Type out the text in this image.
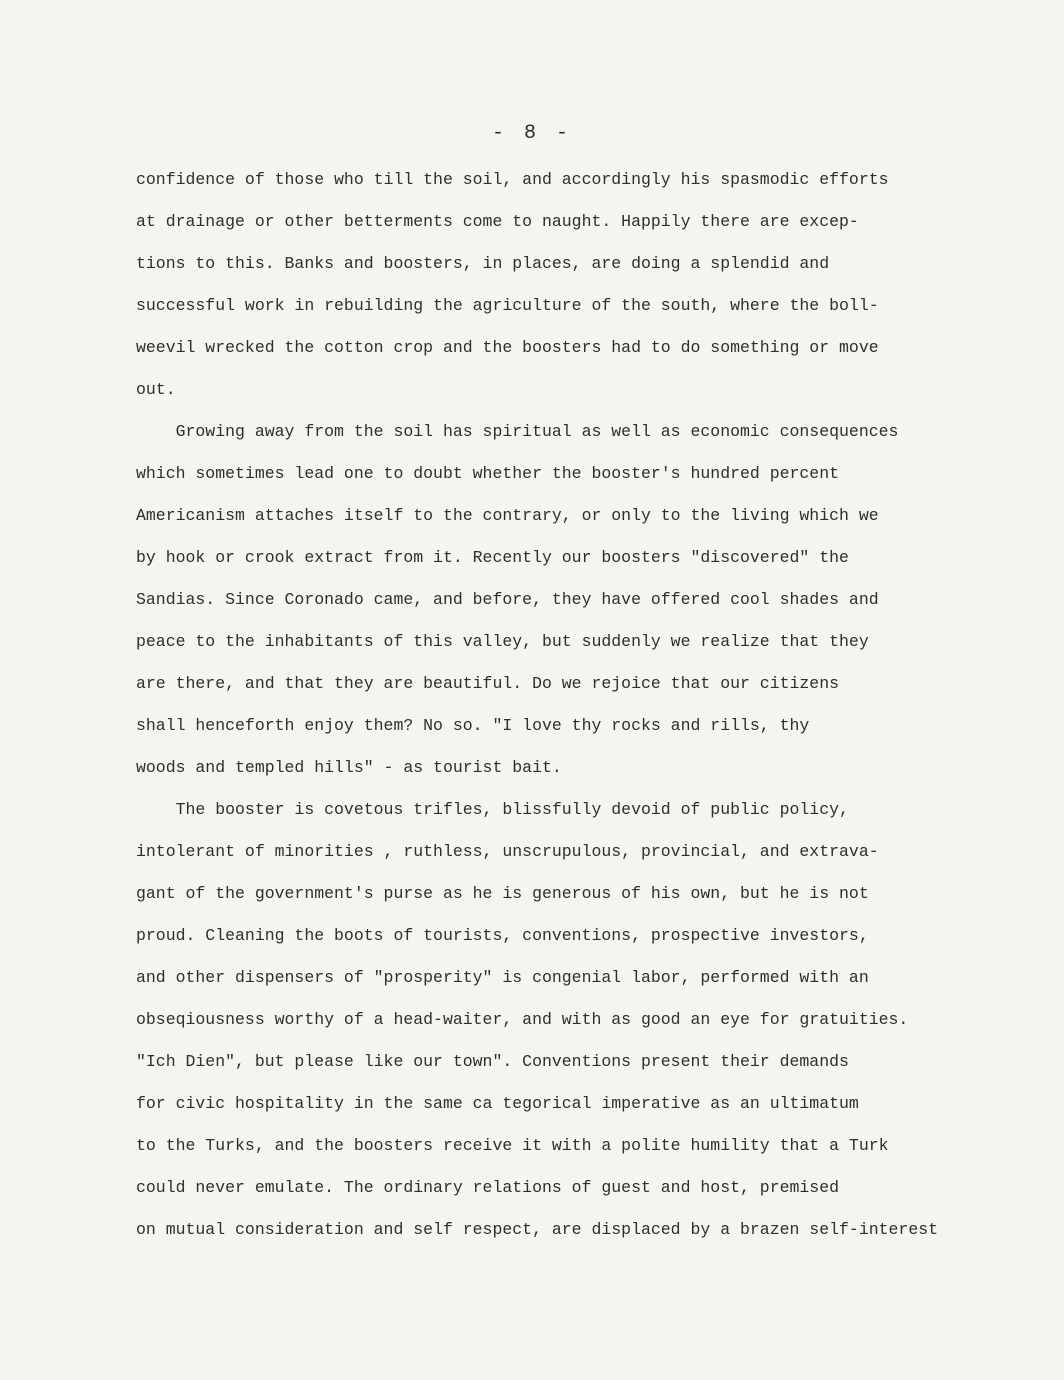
- 8 -
confidence of those who till the soil, and accordingly his spasmodic efforts
at drainage or other betterments come to naught. Happily there are excep-
tions to this. Banks and boosters, in places, are doing a splendid and
successful work in rebuilding the agriculture of the south, where the boll-
weevil wrecked the cotton crop and the boosters had to do something or move
out.
Growing away from the soil has spiritual as well as economic consequences
which sometimes lead one to doubt whether the booster's hundred percent
Americanism attaches itself to the contrary, or only to the living which we
by hook or crook extract from it. Recently our boosters "discovered" the
Sandias. Since Coronado came, and before, they have offered cool shades and
peace to the inhabitants of this valley, but suddenly we realize that they
are there, and that they are beautiful. Do we rejoice that our citizens
shall henceforth enjoy them? No so. "I love thy rocks and rills, thy
woods and templed hills" - as tourist bait.
The booster is covetous trifles, blissfully devoid of public policy,
intolerant of minorities , ruthless, unscrupulous, provincial, and extrava-
gant of the government's purse as he is generous of his own, but he is not
proud. Cleaning the boots of tourists, conventions, prospective investors,
and other dispensers of "prosperity" is congenial labor, performed with an
obseqiousness worthy of a head-waiter, and with as good an eye for gratuities.
"Ich Dien", but please like our town". Conventions present their demands
for civic hospitality in the same ca tegorical imperative as an ultimatum
to the Turks, and the boosters receive it with a polite humility that a Turk
could never emulate. The ordinary relations of guest and host, premised
on mutual consideration and self respect, are displaced by a brazen self-interest
